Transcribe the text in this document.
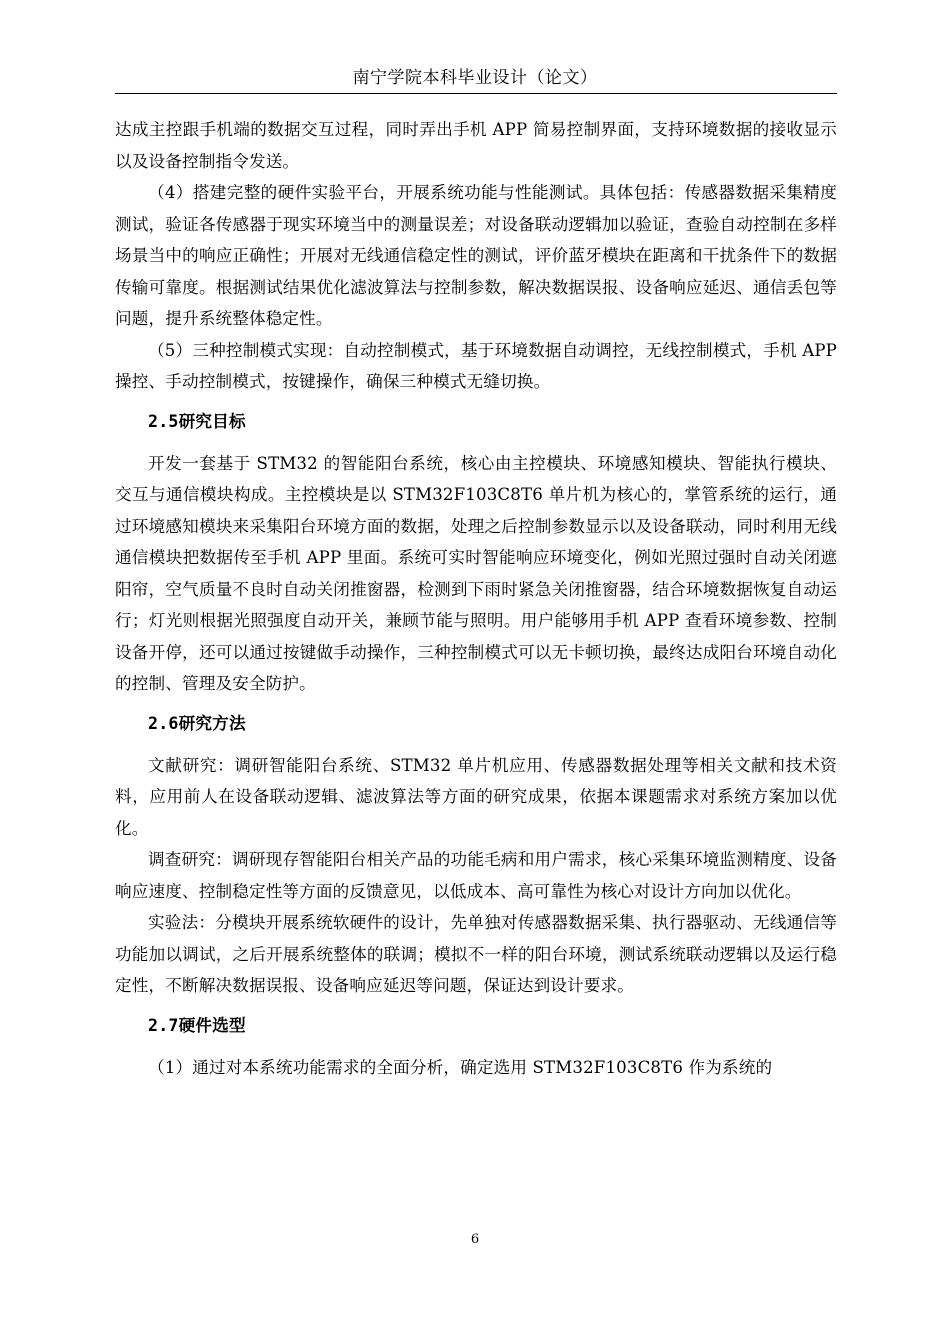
南宁学院本科毕业设计（论文）

达成主控跟手机端的数据交互过程，同时弄出手机 APP 简易控制界面，支持环境数据的接收显示以及设备控制指令发送。

（4）搭建完整的硬件实验平台，开展系统功能与性能测试。具体包括：传感器数据采集精度测试，验证各传感器于现实环境当中的测量误差；对设备联动逻辑加以验证，查验自动控制在多样场景当中的响应正确性；开展对无线通信稳定性的测试，评价蓝牙模块在距离和干扰条件下的数据传输可靠度。根据测试结果优化滤波算法与控制参数，解决数据误报、设备响应延迟、通信丢包等问题，提升系统整体稳定性。

（5）三种控制模式实现：自动控制模式，基于环境数据自动调控，无线控制模式，手机 APP 操控、手动控制模式，按键操作，确保三种模式无缝切换。

2.5研究目标

开发一套基于 STM32 的智能阳台系统，核心由主控模块、环境感知模块、智能执行模块、交互与通信模块构成。主控模块是以 STM32F103C8T6 单片机为核心的，掌管系统的运行，通过环境感知模块来采集阳台环境方面的数据，处理之后控制参数显示以及设备联动，同时利用无线通信模块把数据传至手机 APP 里面。系统可实时智能响应环境变化，例如光照过强时自动关闭遮阳帘，空气质量不良时自动关闭推窗器，检测到下雨时紧急关闭推窗器，结合环境数据恢复自动运行；灯光则根据光照强度自动开关，兼顾节能与照明。用户能够用手机 APP 查看环境参数、控制设备开停，还可以通过按键做手动操作，三种控制模式可以无卡顿切换，最终达成阳台环境自动化的控制、管理及安全防护。

2.6研究方法

文献研究：调研智能阳台系统、STM32 单片机应用、传感器数据处理等相关文献和技术资料，应用前人在设备联动逻辑、滤波算法等方面的研究成果，依据本课题需求对系统方案加以优化。

调查研究：调研现存智能阳台相关产品的功能毛病和用户需求，核心采集环境监测精度、设备响应速度、控制稳定性等方面的反馈意见，以低成本、高可靠性为核心对设计方向加以优化。

实验法：分模块开展系统软硬件的设计，先单独对传感器数据采集、执行器驱动、无线通信等功能加以调试，之后开展系统整体的联调；模拟不一样的阳台环境，测试系统联动逻辑以及运行稳定性，不断解决数据误报、设备响应延迟等问题，保证达到设计要求。

2.7硬件选型

（1）通过对本系统功能需求的全面分析，确定选用 STM32F103C8T6 作为系统的

6
